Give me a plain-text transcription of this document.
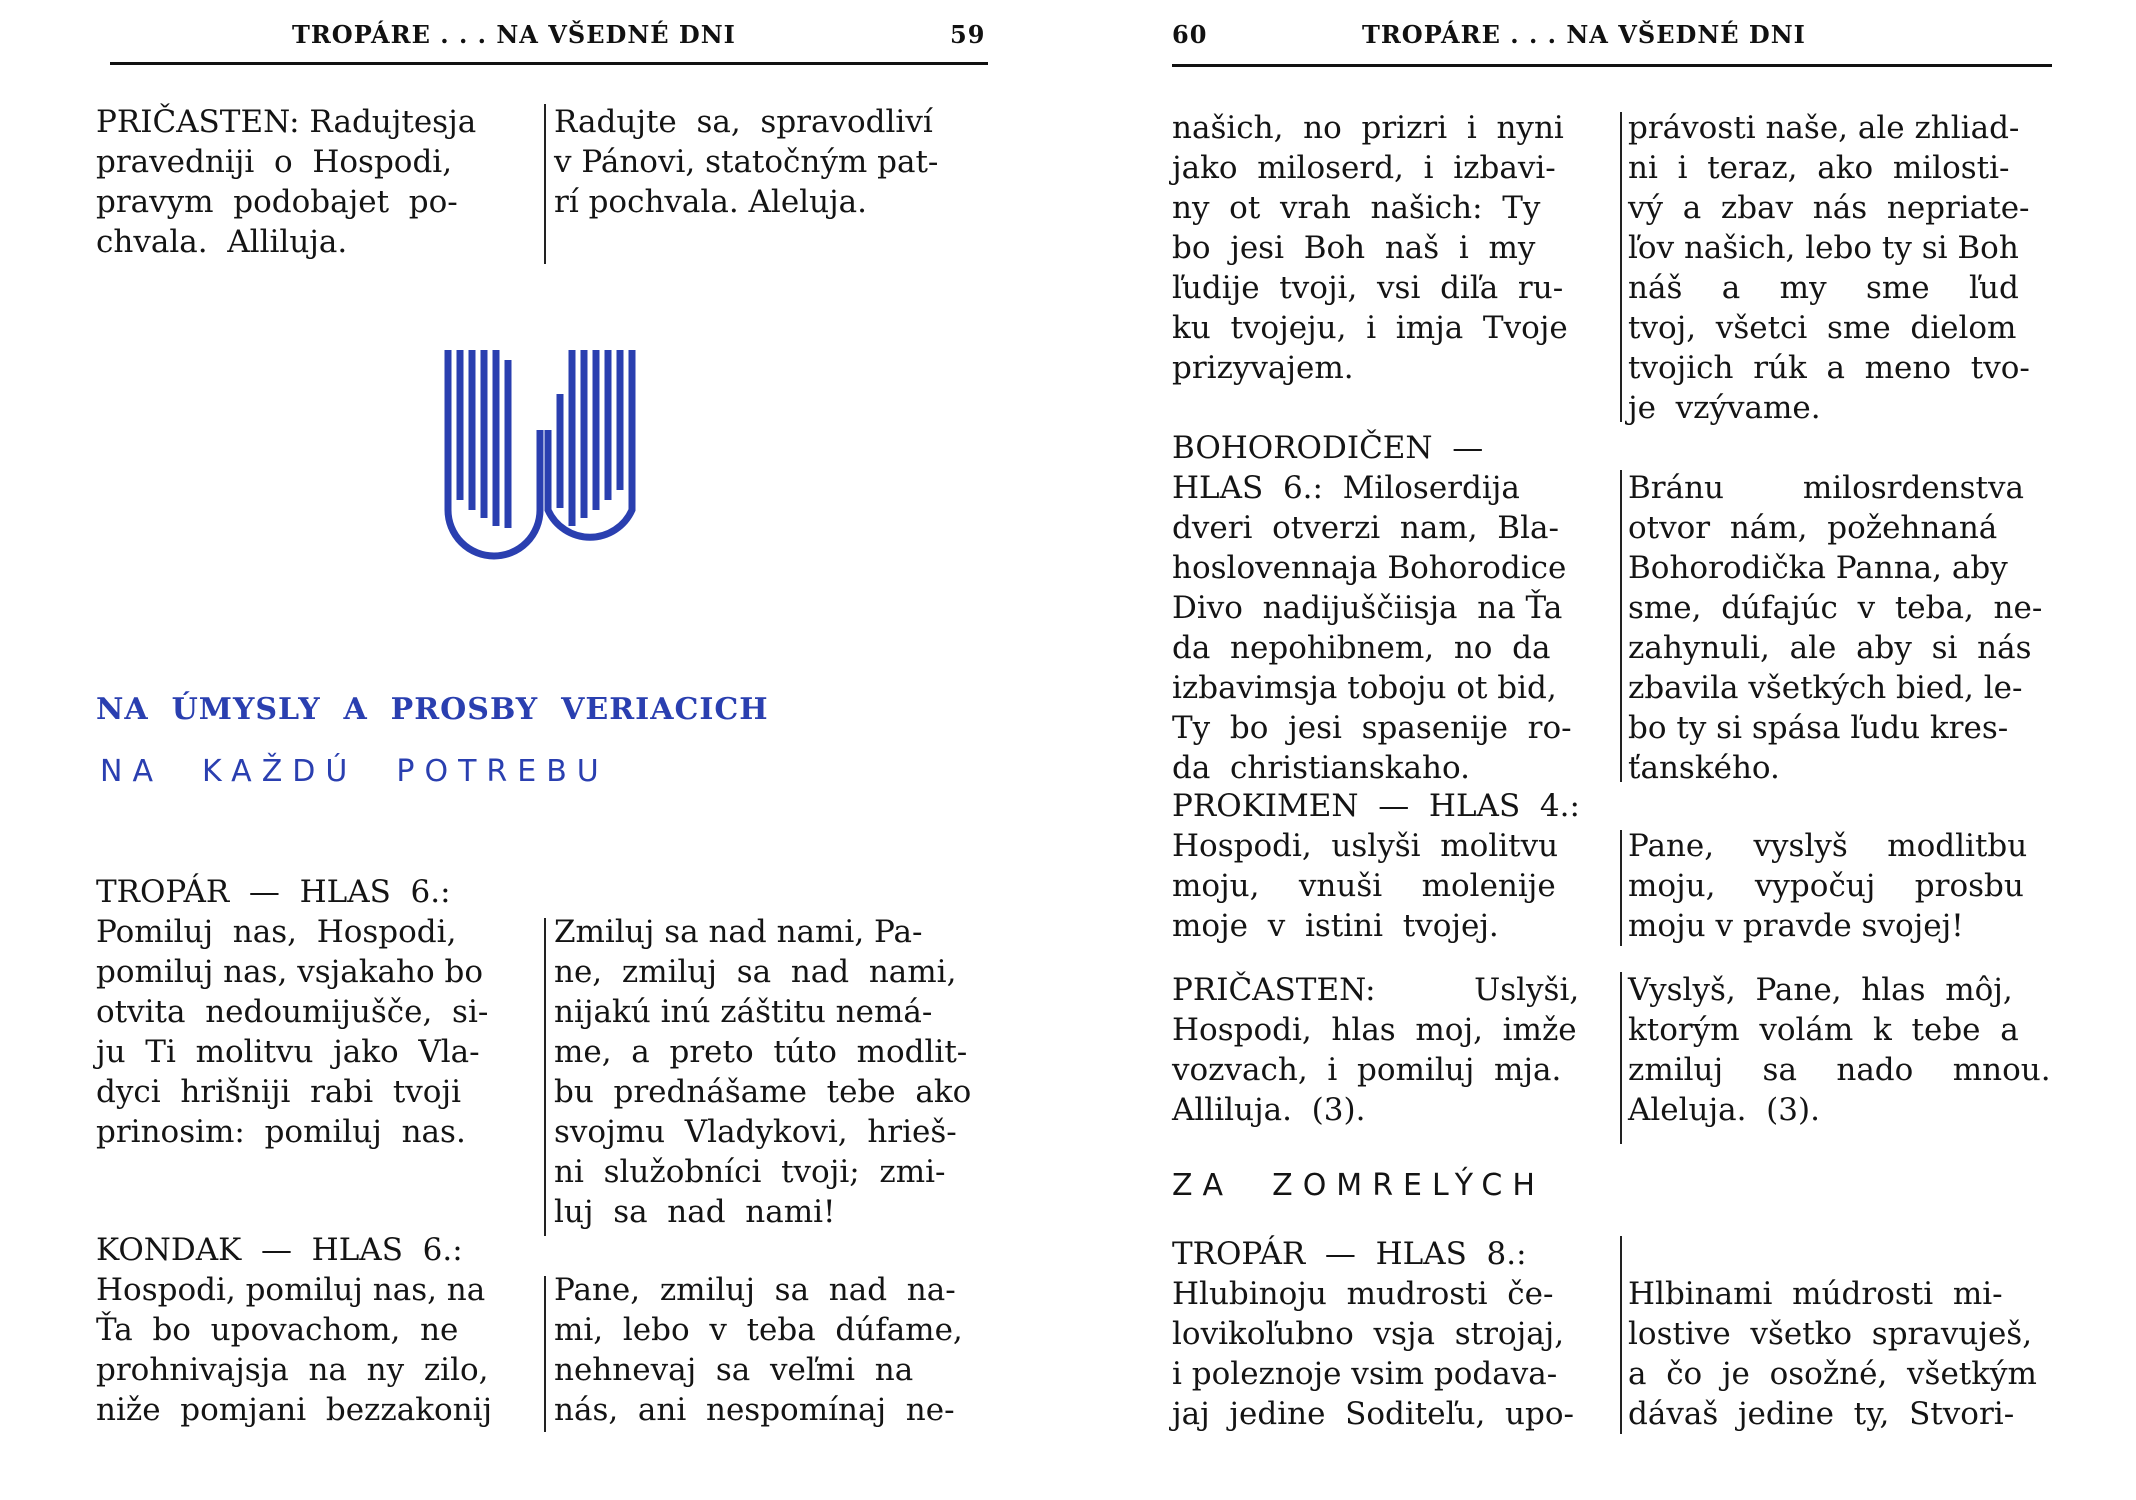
TROPÁRE . . . NA VŠEDNÉ DNI	59

PRIČASTEN: Radujtesja

pravedniji  o  Hospodi,

pravym  podobajet  po-

chvala.  Alliluja.

Radujte  sa,  spravodliví

v Pánovi, statočným pat-

rí pochvala. Aleluja.

NA  ÚMYSLY  A  PROSBY  VERIACICH
NA  KAŽDÚ  POTREBU

TROPÁR  —  HLAS  6.:

Pomiluj  nas,  Hospodi,

pomiluj nas, vsjakaho bo

otvita  nedoumijušče,  si-

ju  Ti  molitvu  jako  Vla-

dyci  hrišniji  rabi  tvoji

prinosim:  pomiluj  nas.

Zmiluj sa nad nami, Pa-

ne,  zmiluj  sa  nad  nami,

nijakú inú záštitu nemá-

me,  a  preto  túto  modlit-

bu  prednášame  tebe  ako

svojmu  Vladykovi,  hrieš-

ni  služobníci  tvoji;  zmi-

luj  sa  nad  nami!

KONDAK  —  HLAS  6.:

Hospodi, pomiluj nas, na

Ťa  bo  upovachom,  ne

prohnivajsja  na  ny  zilo,

niže  pomjani  bezzakonij

Pane,  zmiluj  sa  nad  na-

mi,  lebo  v  teba  dúfame,

nehnevaj  sa  veľmi  na

nás,  ani  nespomínaj  ne-

60	TROPÁRE . . . NA VŠEDNÉ DNI

našich,  no  prizri  i  nyni

jako  miloserd,  i  izbavi-

ny  ot  vrah  našich:  Ty

bo  jesi  Boh  naš  i  my

ľudije  tvoji,  vsi  diľa  ru-

ku  tvojeju,  i  imja  Tvoje

prizyvajem.

právosti naše, ale zhliad-

ni  i  teraz,  ako  milosti-

vý  a  zbav  nás  nepriate-

ľov našich, lebo ty si Boh

náš    a    my    sme    ľud

tvoj,  všetci  sme  dielom

tvojich  rúk  a  meno  tvo-

je  vzývame.

BOHORODIČEN  —

HLAS  6.:  Miloserdija

dveri  otverzi  nam,  Bla-

hoslovennaja Bohorodice

Divo  nadijuščiisja  na Ťa

da  nepohibnem,  no  da

izbavimsja toboju ot bid,

Ty  bo  jesi  spasenije  ro-

da  christianskaho.

Bránu        milosrdenstva

otvor  nám,  požehnaná

Bohorodička Panna, aby

sme,  dúfajúc  v  teba,  ne-

zahynuli,  ale  aby  si  nás

zbavila všetkých bied, le-

bo ty si spása ľudu kres-

ťanského.

PROKIMEN  —  HLAS  4.:

Hospodi,  uslyši  molitvu

moju,    vnuši    molenije

moje  v  istini  tvojej.

Pane,    vyslyš    modlitbu

moju,    vypočuj    prosbu

moju v pravde svojej!

PRIČASTEN:          Uslyši,

Hospodi,  hlas  moj,  imže

vozvach,  i  pomiluj  mja.

Alliluja.  (3).

Vyslyš,  Pane,  hlas  môj,

ktorým  volám  k  tebe  a

zmiluj    sa    nado    mnou.

Aleluja.  (3).

ZA  ZOMRELÝCH

TROPÁR  —  HLAS  8.:

Hlubinoju  mudrosti  če-

lovikoľubno  vsja  strojaj,

i poleznoje vsim podava-

jaj  jedine  Soditeľu,  upo-

Hlbinami  múdrosti  mi-

lostive  všetko  spravuješ,

a  čo  je  osožné,  všetkým

dávaš  jedine  ty,  Stvori-
